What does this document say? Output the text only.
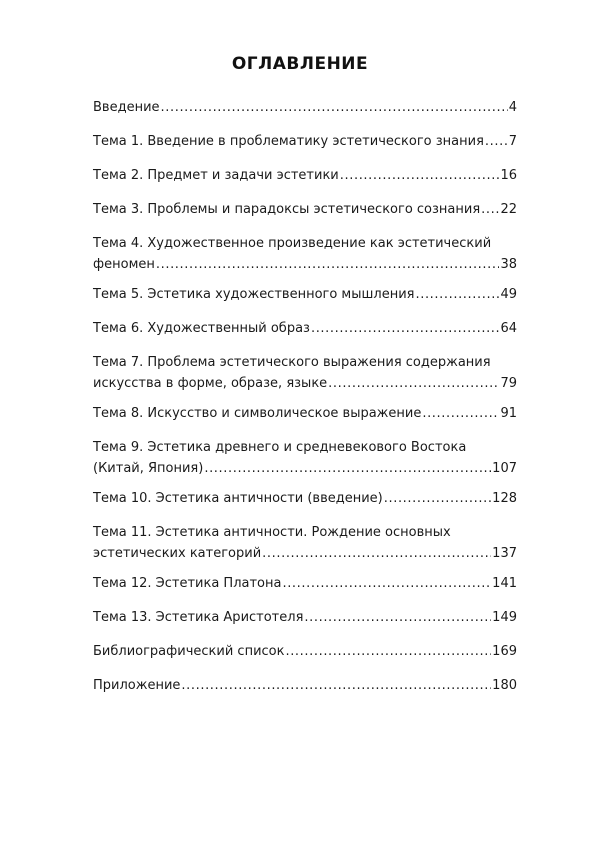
ОГЛАВЛЕНИЕ
Введение .....	4
Тема 1. Введение в проблематику эстетического знания ..... 7
Тема 2. Предмет и задачи эстетики .....	16
Тема 3. Проблемы и парадоксы эстетического сознания ..... 22
Тема 4. Художественное произведение как эстетический
феномен .....	38
Тема 5. Эстетика художественного мышления .....	49
Тема 6. Художественный образ .....	64
Тема 7. Проблема эстетического выражения содержания
искусства в форме, образе, языке .....	79
Тема 8. Искусство и символическое выражение .....	91
Тема 9. Эстетика древнего и средневекового Востока
(Китай, Япония) .....	107
Тема 10. Эстетика античности (введение) .....	128
Тема 11. Эстетика античности. Рождение основных
эстетических категорий .....	137
Тема 12. Эстетика Платона .....	141
Тема 13. Эстетика Аристотеля .....	149
Библиографический список .....	169
Приложение .....	180
